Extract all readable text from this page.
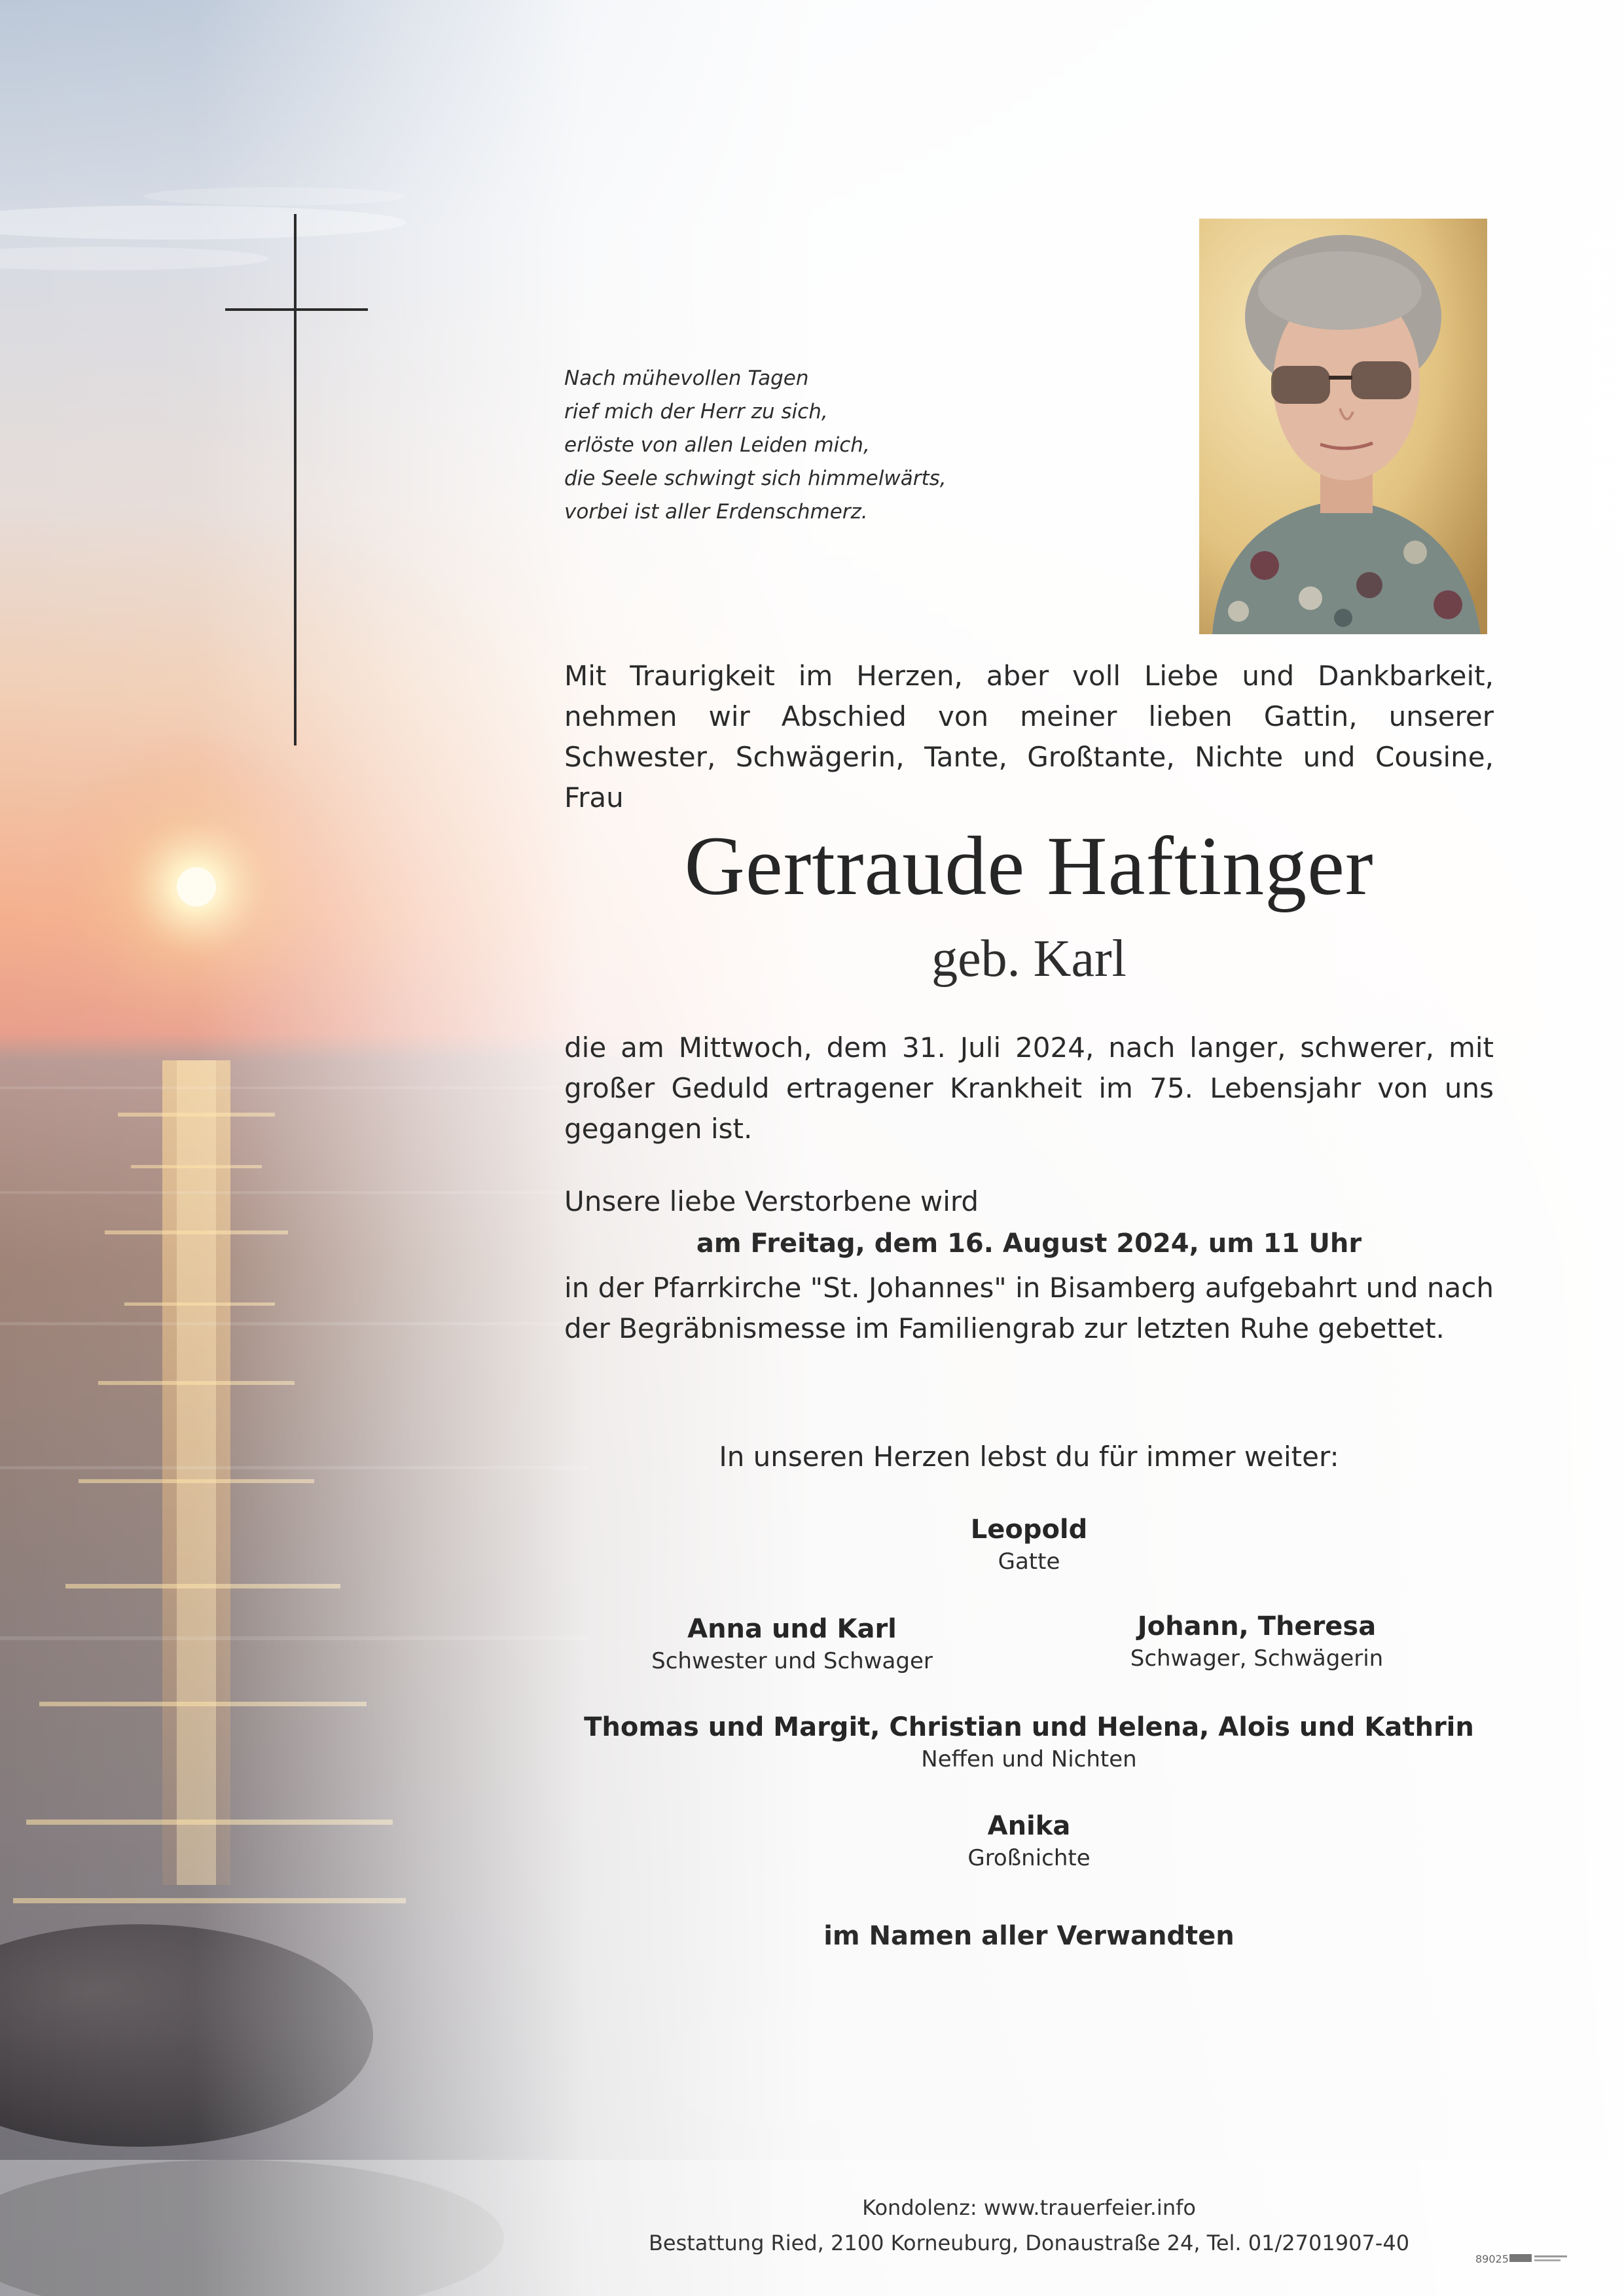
Nach mühevollen Tagen
rief mich der Herr zu sich,
erlöste von allen Leiden mich,
die Seele schwingt sich himmelwärts,
vorbei ist aller Erdenschmerz.
Mit Traurigkeit im Herzen, aber voll Liebe und Dankbarkeit, nehmen wir Abschied von meiner lieben Gattin, unserer Schwester, Schwägerin, Tante, Großtante, Nichte und Cousine, Frau
Gertraude Haftinger
geb. Karl
die am Mittwoch, dem 31. Juli 2024, nach langer, schwerer, mit großer Geduld ertragener Krankheit im 75. Lebensjahr von uns gegangen ist.
Unsere liebe Verstorbene wird
am Freitag, dem 16. August 2024, um 11 Uhr
in der Pfarrkirche "St. Johannes" in Bisamberg aufgebahrt und nach der Begräbnismesse im Familiengrab zur letzten Ruhe gebettet.
In unseren Herzen lebst du für immer weiter:
Leopold
Gatte
Anna und Karl
Schwester und Schwager
Johann, Theresa
Schwager, Schwägerin
Thomas und Margit, Christian und Helena, Alois und Kathrin
Neffen und Nichten
Anika
Großnichte
im Namen aller Verwandten
Kondolenz: www.trauerfeier.info
Bestattung Ried, 2100 Korneuburg, Donaustraße 24, Tel. 01/2701907-40
89025
